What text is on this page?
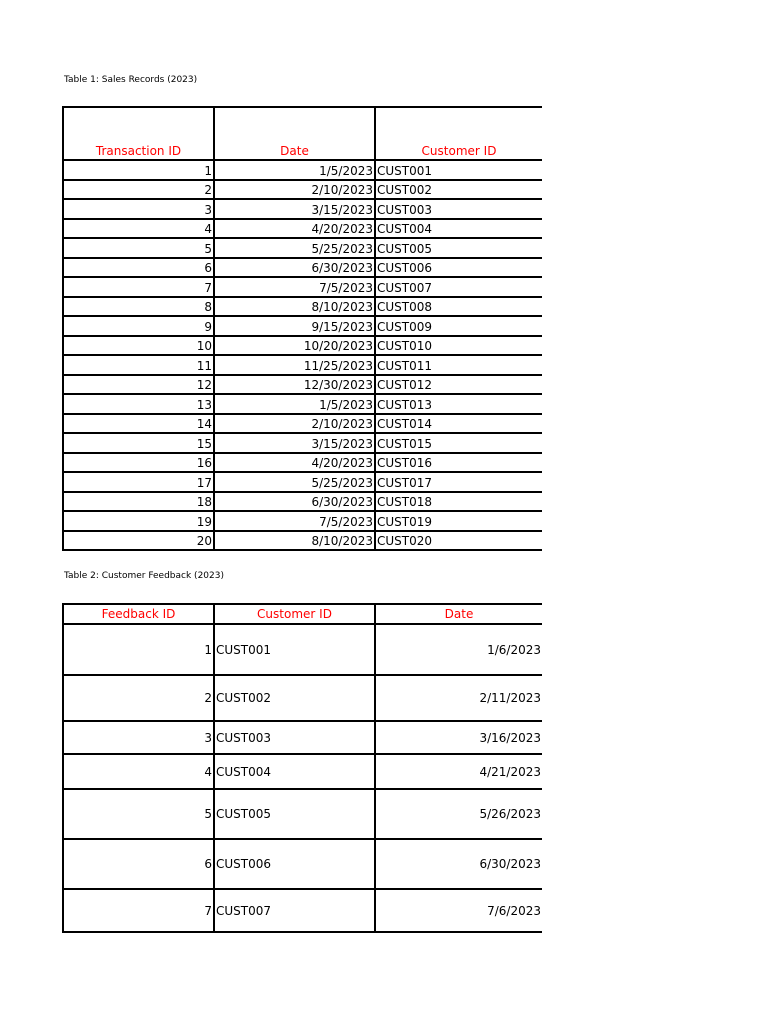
Table 1: Sales Records (2023)
Transaction ID	Date	Customer ID
1	1/5/2023 CUST001
2	2/10/2023 CUST002
3	3/15/2023 CUST003
4	4/20/2023 CUST004
5	5/25/2023 CUST005
6	6/30/2023 CUST006
7	7/5/2023 CUST007
8	8/10/2023 CUST008
9	9/15/2023 CUST009
10	10/20/2023 CUST010
11	11/25/2023 CUST011
12	12/30/2023 CUST012
13	1/5/2023 CUST013
14	2/10/2023 CUST014
15	3/15/2023 CUST015
16	4/20/2023 CUST016
17	5/25/2023 CUST017
18	6/30/2023 CUST018
19	7/5/2023 CUST019
20	8/10/2023 CUST020
Table 2: Customer Feedback (2023)
Feedback ID	Customer ID	Date
1 CUST001	1/6/2023
2 CUST002	2/11/2023
3 CUST003	3/16/2023
4 CUST004	4/21/2023
5 CUST005	5/26/2023
6 CUST006	6/30/2023
7 CUST007	7/6/2023
